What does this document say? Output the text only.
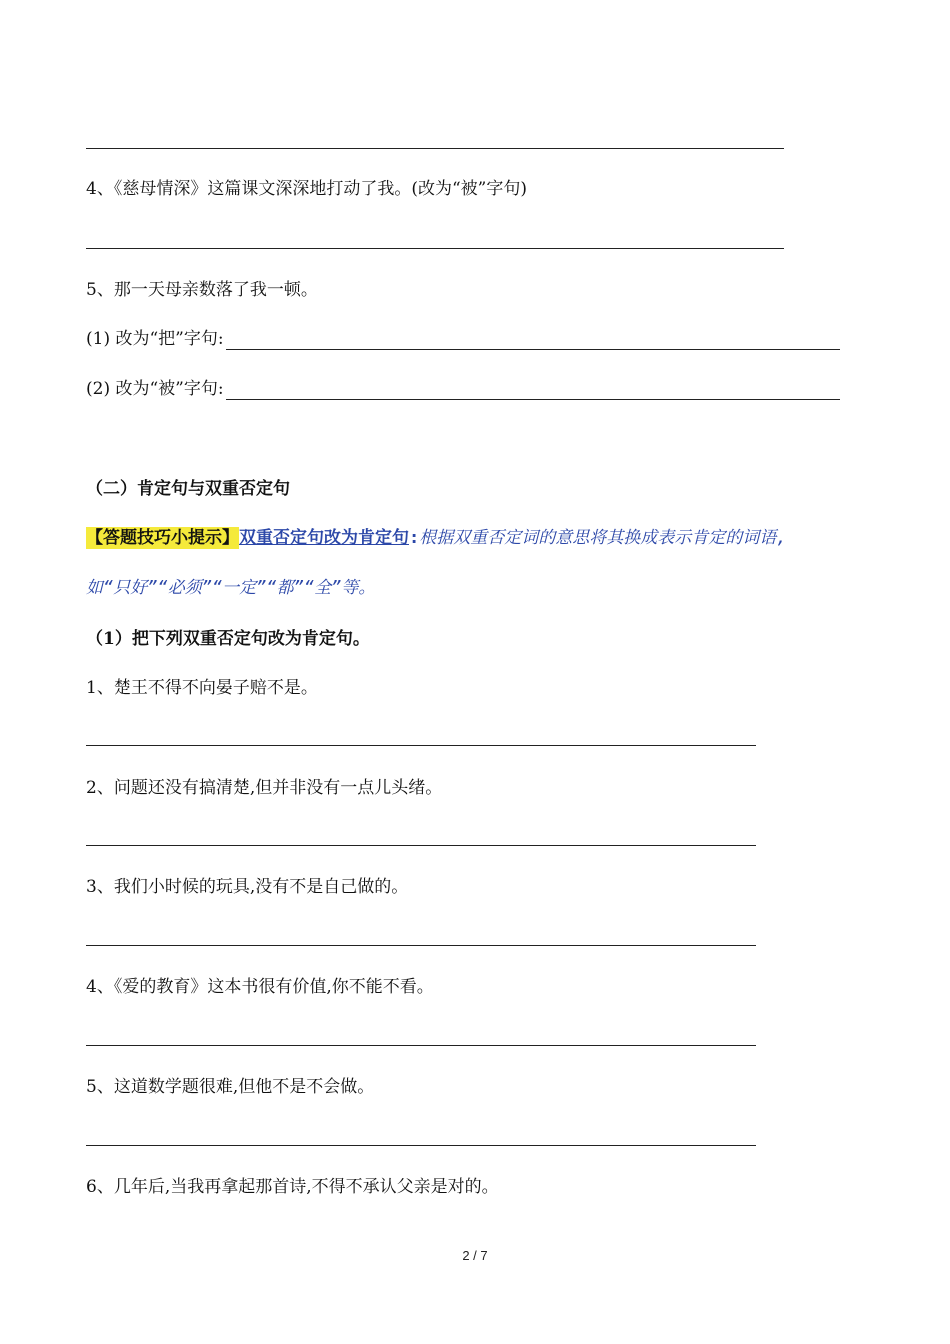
4、《慈母情深》这篇课文深深地打动了我。(改为“被”字句)
5、那一天母亲数落了我一顿。
(1) 改为“把”字句:
(2) 改为“被”字句:
（二）肯定句与双重否定句
【答题技巧小提示】双重否定句改为肯定句:根据双重否定词的意思将其换成表示肯定的词语,
如“只好”“必须”“一定”“都”“全”等。
（1）把下列双重否定句改为肯定句。
1、楚王不得不向晏子赔不是。
2、问题还没有搞清楚,但并非没有一点儿头绪。
3、我们小时候的玩具,没有不是自己做的。
4、《爱的教育》这本书很有价值,你不能不看。
5、这道数学题很难,但他不是不会做。
6、几年后,当我再拿起那首诗,不得不承认父亲是对的。
2 / 7
